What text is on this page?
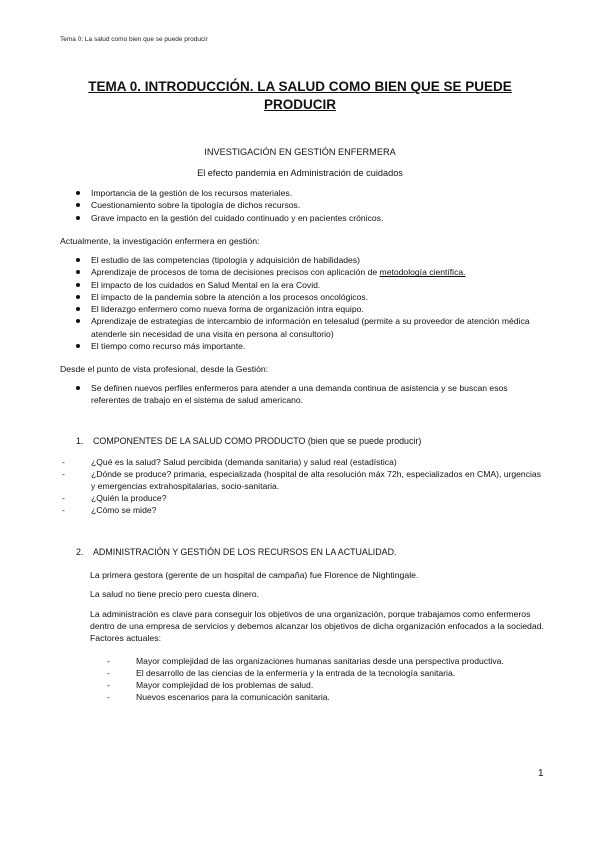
Tema 0: La salud como bien que se puede producir
TEMA 0. INTRODUCCIÓN. LA SALUD COMO BIEN QUE SE PUEDE PRODUCIR
INVESTIGACIÓN EN GESTIÓN ENFERMERA
El efecto pandemia en Administración de cuidados
Importancia de la gestión de los recursos materiales.
Cuestionamiento sobre la tipología de dichos recursos.
Grave impacto en la gestión del cuidado continuado y en pacientes crónicos.
Actualmente, la investigación enfermera en gestión:
El estudio de las competencias (tipología y adquisición de habilidades)
Aprendizaje de procesos de toma de decisiones precisos con aplicación de metodología científica.
El impacto de los cuidados en Salud Mental en la era Covid.
El impacto de la pandemia sobre la atención a los procesos oncológicos.
El liderazgo enfermero como nueva forma de organización intra equipo.
Aprendizaje de estrategias de intercambio de información en telesalud (permite a su proveedor de atención médica atenderle sin necesidad de una visita en persona al consultorio)
El tiempo como recurso más importante.
Desde el punto de vista profesional, desde la Gestión:
Se definen nuevos perfiles enfermeros para atender a una demanda continua de asistencia y se buscan esos referentes de trabajo en el sistema de salud americano.
1. COMPONENTES DE LA SALUD COMO PRODUCTO (bien que se puede producir)
-	¿Qué es la salud? Salud percibida (demanda sanitaria) y salud real (estadística)
-	¿Dónde se produce? primaria, especializada (hospital de alta resolución máx 72h, especializados en CMA), urgencias y emergencias extrahospitalarias, socio-sanitaria.
-	¿Quién la produce?
-	¿Cómo se mide?
2. ADMINISTRACIÓN Y GESTIÓN DE LOS RECURSOS EN LA ACTUALIDAD.
La primera gestora (gerente de un hospital de campaña) fue Florence de Nightingale.
La salud no tiene precio pero cuesta dinero.
La administración es clave para conseguir los objetivos de una organización, porque trabajamos como enfermeros dentro de una empresa de servicios y debemos alcanzar los objetivos de dicha organización enfocados a la sociedad. Factores actuales:
-	Mayor complejidad de las organizaciones humanas sanitarias desde una perspectiva productiva.
-	El desarrollo de las ciencias de la enfermería y la entrada de la tecnología sanitaria.
-	Mayor complejidad de los problemas de salud.
-	Nuevos escenarios para la comunicación sanitaria.
1
